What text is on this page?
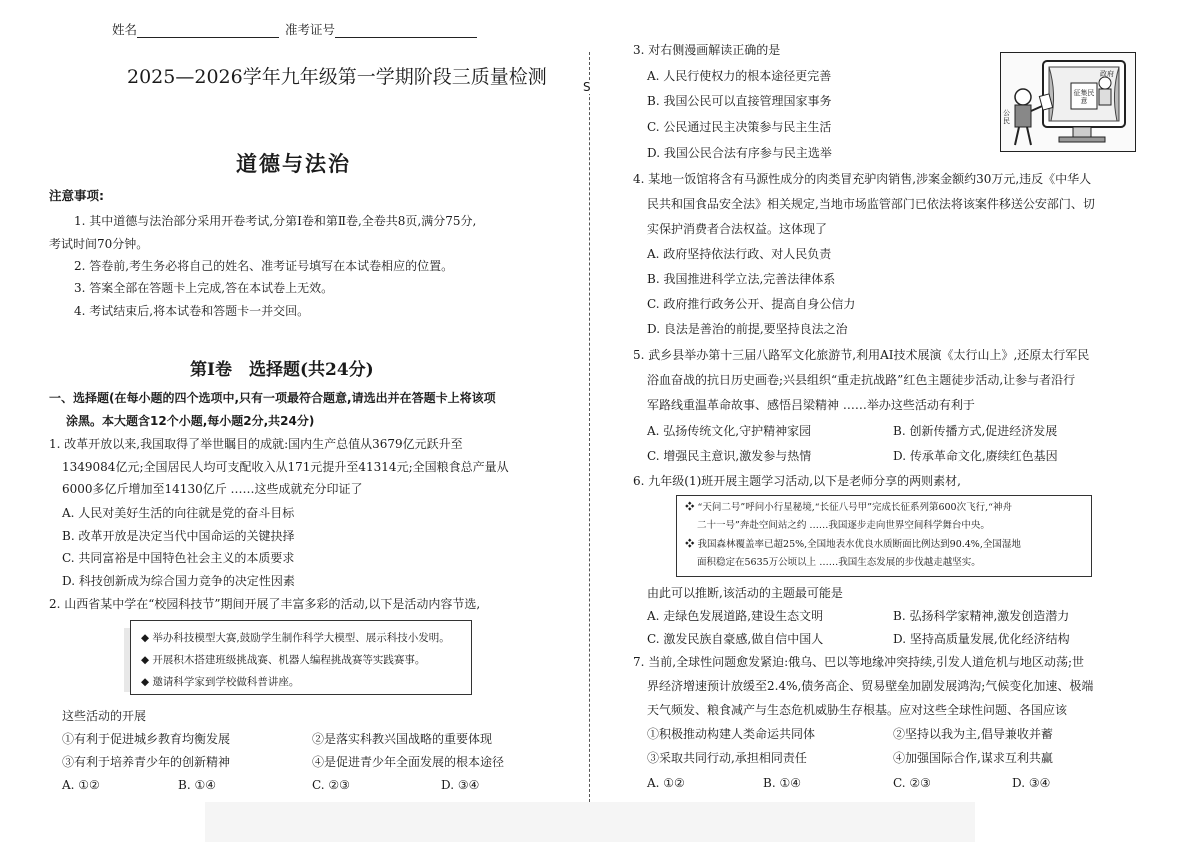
姓名	准考证号
2025—2026学年九年级第一学期阶段三质量检测
道德与法治
注意事项:
1. 其中道德与法治部分采用开卷考试,分第Ⅰ卷和第Ⅱ卷,全卷共8页,满分75分,
考试时间70分钟。
2. 答卷前,考生务必将自己的姓名、准考证号填写在本试卷相应的位置。
3. 答案全部在答题卡上完成,答在本试卷上无效。
4. 考试结束后,将本试卷和答题卡一并交回。
第Ⅰ卷　选择题(共24分)
一、选择题(在每小题的四个选项中,只有一项最符合题意,请选出并在答题卡上将该项
涂黑。本大题含12个小题,每小题2分,共24分)
1. 改革开放以来,我国取得了举世瞩目的成就:国内生产总值从3679亿元跃升至
1349084亿元;全国居民人均可支配收入从171元提升至41314元;全国粮食总产量从
6000多亿斤增加至14130亿斤 ……这些成就充分印证了
A. 人民对美好生活的向往就是党的奋斗目标
B. 改革开放是决定当代中国命运的关键抉择
C. 共同富裕是中国特色社会主义的本质要求
D. 科技创新成为综合国力竞争的决定性因素
2. 山西省某中学在“校园科技节”期间开展了丰富多彩的活动,以下是活动内容节选,
◆ 举办科技模型大赛,鼓励学生制作科学大模型、展示科技小发明。
◆ 开展积木搭建班级挑战赛、机器人编程挑战赛等实践赛事。
◆ 邀请科学家到学校做科普讲座。
这些活动的开展
①有利于促进城乡教育均衡发展	②是落实科教兴国战略的重要体现
③有利于培养青少年的创新精神	④是促进青少年全面发展的根本途径
A. ①②	B. ①④	C. ②③	D. ③④
S
3. 对右侧漫画解读正确的是
A. 人民行使权力的根本途径更完善
B. 我国公民可以直接管理国家事务
C. 公民通过民主决策参与民主生活
D. 我国公民合法有序参与民主选举
政府
征集民意
公民
4. 某地一饭馆将含有马源性成分的肉类冒充驴肉销售,涉案金额约30万元,违反《中华人
民共和国食品安全法》相关规定,当地市场监管部门已依法将该案件移送公安部门、切
实保护消费者合法权益。这体现了
A. 政府坚持依法行政、对人民负责
B. 我国推进科学立法,完善法律体系
C. 政府推行政务公开、提高自身公信力
D. 良法是善治的前提,要坚持良法之治
5. 武乡县举办第十三届八路军文化旅游节,利用AI技术展演《太行山上》,还原太行军民
浴血奋战的抗日历史画卷;兴县组织“重走抗战路”红色主题徒步活动,让参与者沿行
军路线重温革命故事、感悟吕梁精神 ……举办这些活动有利于
A. 弘扬传统文化,守护精神家园	B. 创新传播方式,促进经济发展
C. 增强民主意识,激发参与热情	D. 传承革命文化,赓续红色基因
6. 九年级(1)班开展主题学习活动,以下是老师分享的两则素材,
❖ “天问二号”呼问小行星秘境,“长征八号甲”完成长征系列第600次飞行,“神舟
二十一号”奔赴空间站之约 ……我国逐步走向世界空间科学舞台中央。
❖ 我国森林覆盖率已超25%,全国地表水优良水质断面比例达到90.4%,全国湿地
面积稳定在5635万公顷以上 ……我国生态发展的步伐越走越坚实。
由此可以推断,该活动的主题最可能是
A. 走绿色发展道路,建设生态文明	B. 弘扬科学家精神,激发创造潜力
C. 激发民族自豪感,做自信中国人	D. 坚持高质量发展,优化经济结构
7. 当前,全球性问题愈发紧迫:俄乌、巴以等地缘冲突持续,引发人道危机与地区动荡;世
界经济增速预计放缓至2.4%,债务高企、贸易壁垒加剧发展鸿沟;气候变化加速、极端
天气频发、粮食减产与生态危机威胁生存根基。应对这些全球性问题、各国应该
①积极推动构建人类命运共同体	②坚持以我为主,倡导兼收并蓄
③采取共同行动,承担相同责任	④加强国际合作,谋求互利共赢
A. ①②	B. ①④	C. ②③	D. ③④
